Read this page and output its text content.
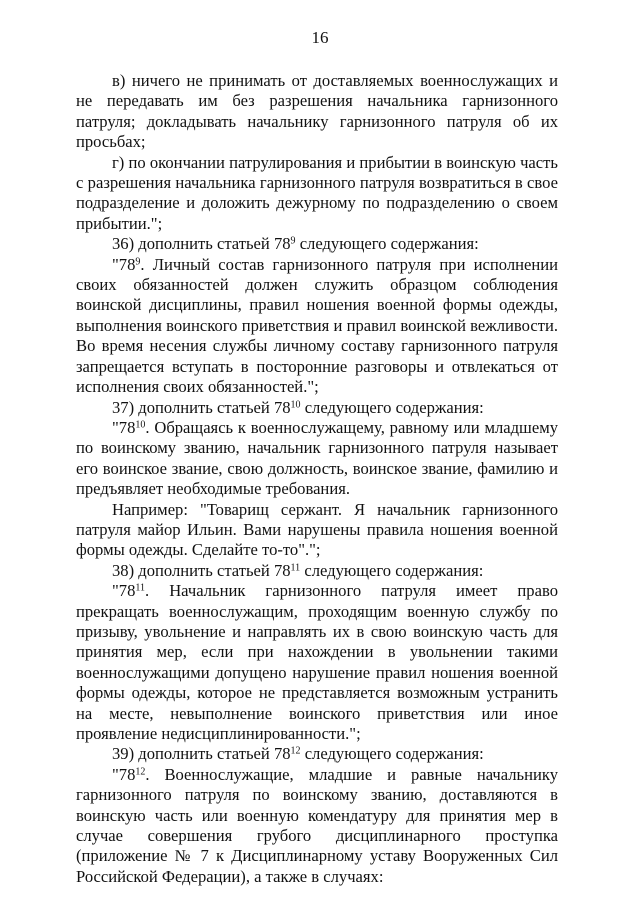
16

в) ничего не принимать от доставляемых военнослужащих и не передавать им без разрешения начальника гарнизонного патруля; докладывать начальнику гарнизонного патруля об их просьбах;

г) по окончании патрулирования и прибытии в воинскую часть с разрешения начальника гарнизонного патруля возвратиться в свое подразделение и доложить дежурному по подразделению о своем прибытии.";

36) дополнить статьей $78^9$ следующего содержания:

"$78^9$. Личный состав гарнизонного патруля при исполнении своих обязанностей должен служить образцом соблюдения воинской дисциплины, правил ношения военной формы одежды, выполнения воинского приветствия и правил воинской вежливости. Во время несения службы личному составу гарнизонного патруля запрещается вступать в посторонние разговоры и отвлекаться от исполнения своих обязанностей.";

37) дополнить статьей $78^{10}$ следующего содержания:

"$78^{10}$. Обращаясь к военнослужащему, равному или младшему по воинскому званию, начальник гарнизонного патруля называет его воинское звание, свою должность, воинское звание, фамилию и предъявляет необходимые требования.

Например: "Товарищ сержант. Я начальник гарнизонного патруля майор Ильин. Вами нарушены правила ношения военной формы одежды. Сделайте то-то".";

38) дополнить статьей $78^{11}$ следующего содержания:

"$78^{11}$. Начальник гарнизонного патруля имеет право прекращать военнослужащим, проходящим военную службу по призыву, увольнение и направлять их в свою воинскую часть для принятия мер, если при нахождении в увольнении такими военнослужащими допущено нарушение правил ношения военной формы одежды, которое не представляется возможным устранить на месте, невыполнение воинского приветствия или иное проявление недисциплинированности.";

39) дополнить статьей $78^{12}$ следующего содержания:

"$78^{12}$. Военнослужащие, младшие и равные начальнику гарнизонного патруля по воинскому званию, доставляются в воинскую часть или военную комендатуру для принятия мер в случае совершения грубого дисциплинарного проступка (приложение № 7 к Дисциплинарному уставу Вооруженных Сил Российской Федерации), а также в случаях:
